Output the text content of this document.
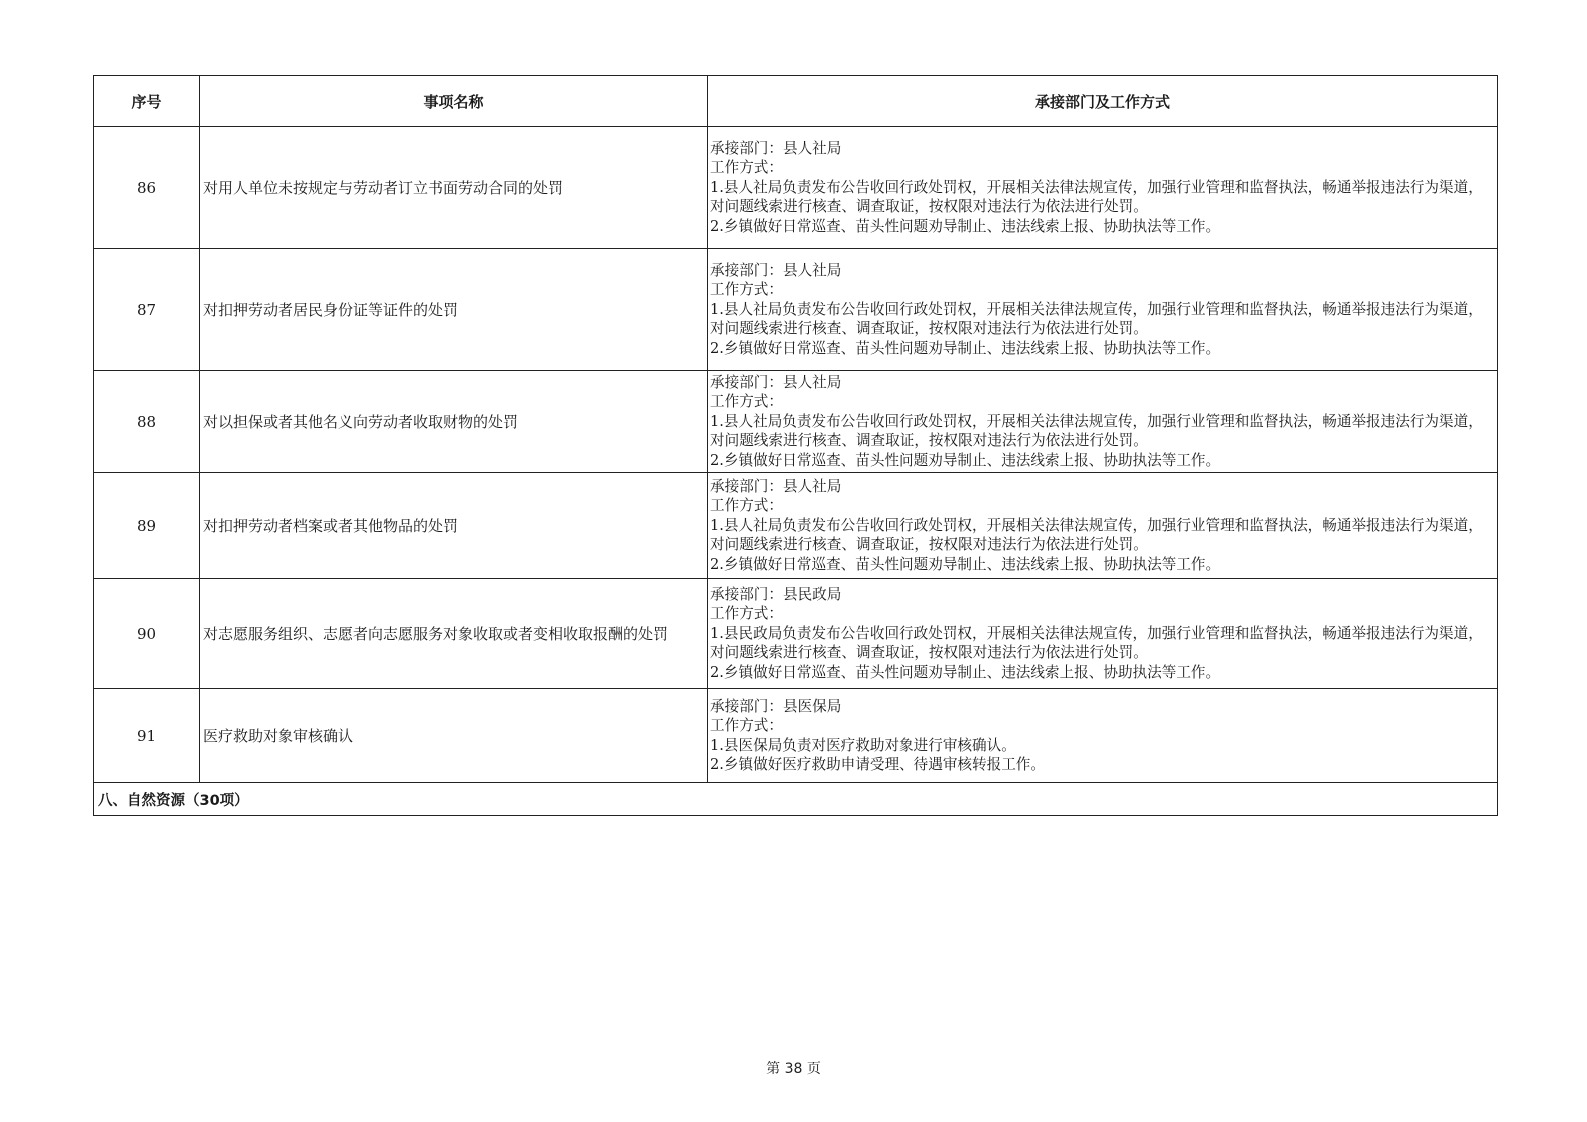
序号	事项名称	承接部门及工作方式
86	对用人单位未按规定与劳动者订立书面劳动合同的处罚	承接部门：县人社局
工作方式：
1.县人社局负责发布公告收回行政处罚权，开展相关法律法规宣传，加强行业管理和监督执法，畅通举报违法行为渠道，对问题线索进行核查、调查取证，按权限对违法行为依法进行处罚。
2.乡镇做好日常巡查、苗头性问题劝导制止、违法线索上报、协助执法等工作。
87	对扣押劳动者居民身份证等证件的处罚	承接部门：县人社局
工作方式：
1.县人社局负责发布公告收回行政处罚权，开展相关法律法规宣传，加强行业管理和监督执法，畅通举报违法行为渠道，对问题线索进行核查、调查取证，按权限对违法行为依法进行处罚。
2.乡镇做好日常巡查、苗头性问题劝导制止、违法线索上报、协助执法等工作。
88	对以担保或者其他名义向劳动者收取财物的处罚	承接部门：县人社局
工作方式：
1.县人社局负责发布公告收回行政处罚权，开展相关法律法规宣传，加强行业管理和监督执法，畅通举报违法行为渠道，对问题线索进行核查、调查取证，按权限对违法行为依法进行处罚。
2.乡镇做好日常巡查、苗头性问题劝导制止、违法线索上报、协助执法等工作。
89	对扣押劳动者档案或者其他物品的处罚	承接部门：县人社局
工作方式：
1.县人社局负责发布公告收回行政处罚权，开展相关法律法规宣传，加强行业管理和监督执法，畅通举报违法行为渠道，对问题线索进行核查、调查取证，按权限对违法行为依法进行处罚。
2.乡镇做好日常巡查、苗头性问题劝导制止、违法线索上报、协助执法等工作。
90	对志愿服务组织、志愿者向志愿服务对象收取或者变相收取报酬的处罚	承接部门：县民政局
工作方式：
1.县民政局负责发布公告收回行政处罚权，开展相关法律法规宣传，加强行业管理和监督执法，畅通举报违法行为渠道，对问题线索进行核查、调查取证，按权限对违法行为依法进行处罚。
2.乡镇做好日常巡查、苗头性问题劝导制止、违法线索上报、协助执法等工作。
91	医疗救助对象审核确认	承接部门：县医保局
工作方式：
1.县医保局负责对医疗救助对象进行审核确认。
2.乡镇做好医疗救助申请受理、待遇审核转报工作。
八、自然资源（30项）		
第 38 页
